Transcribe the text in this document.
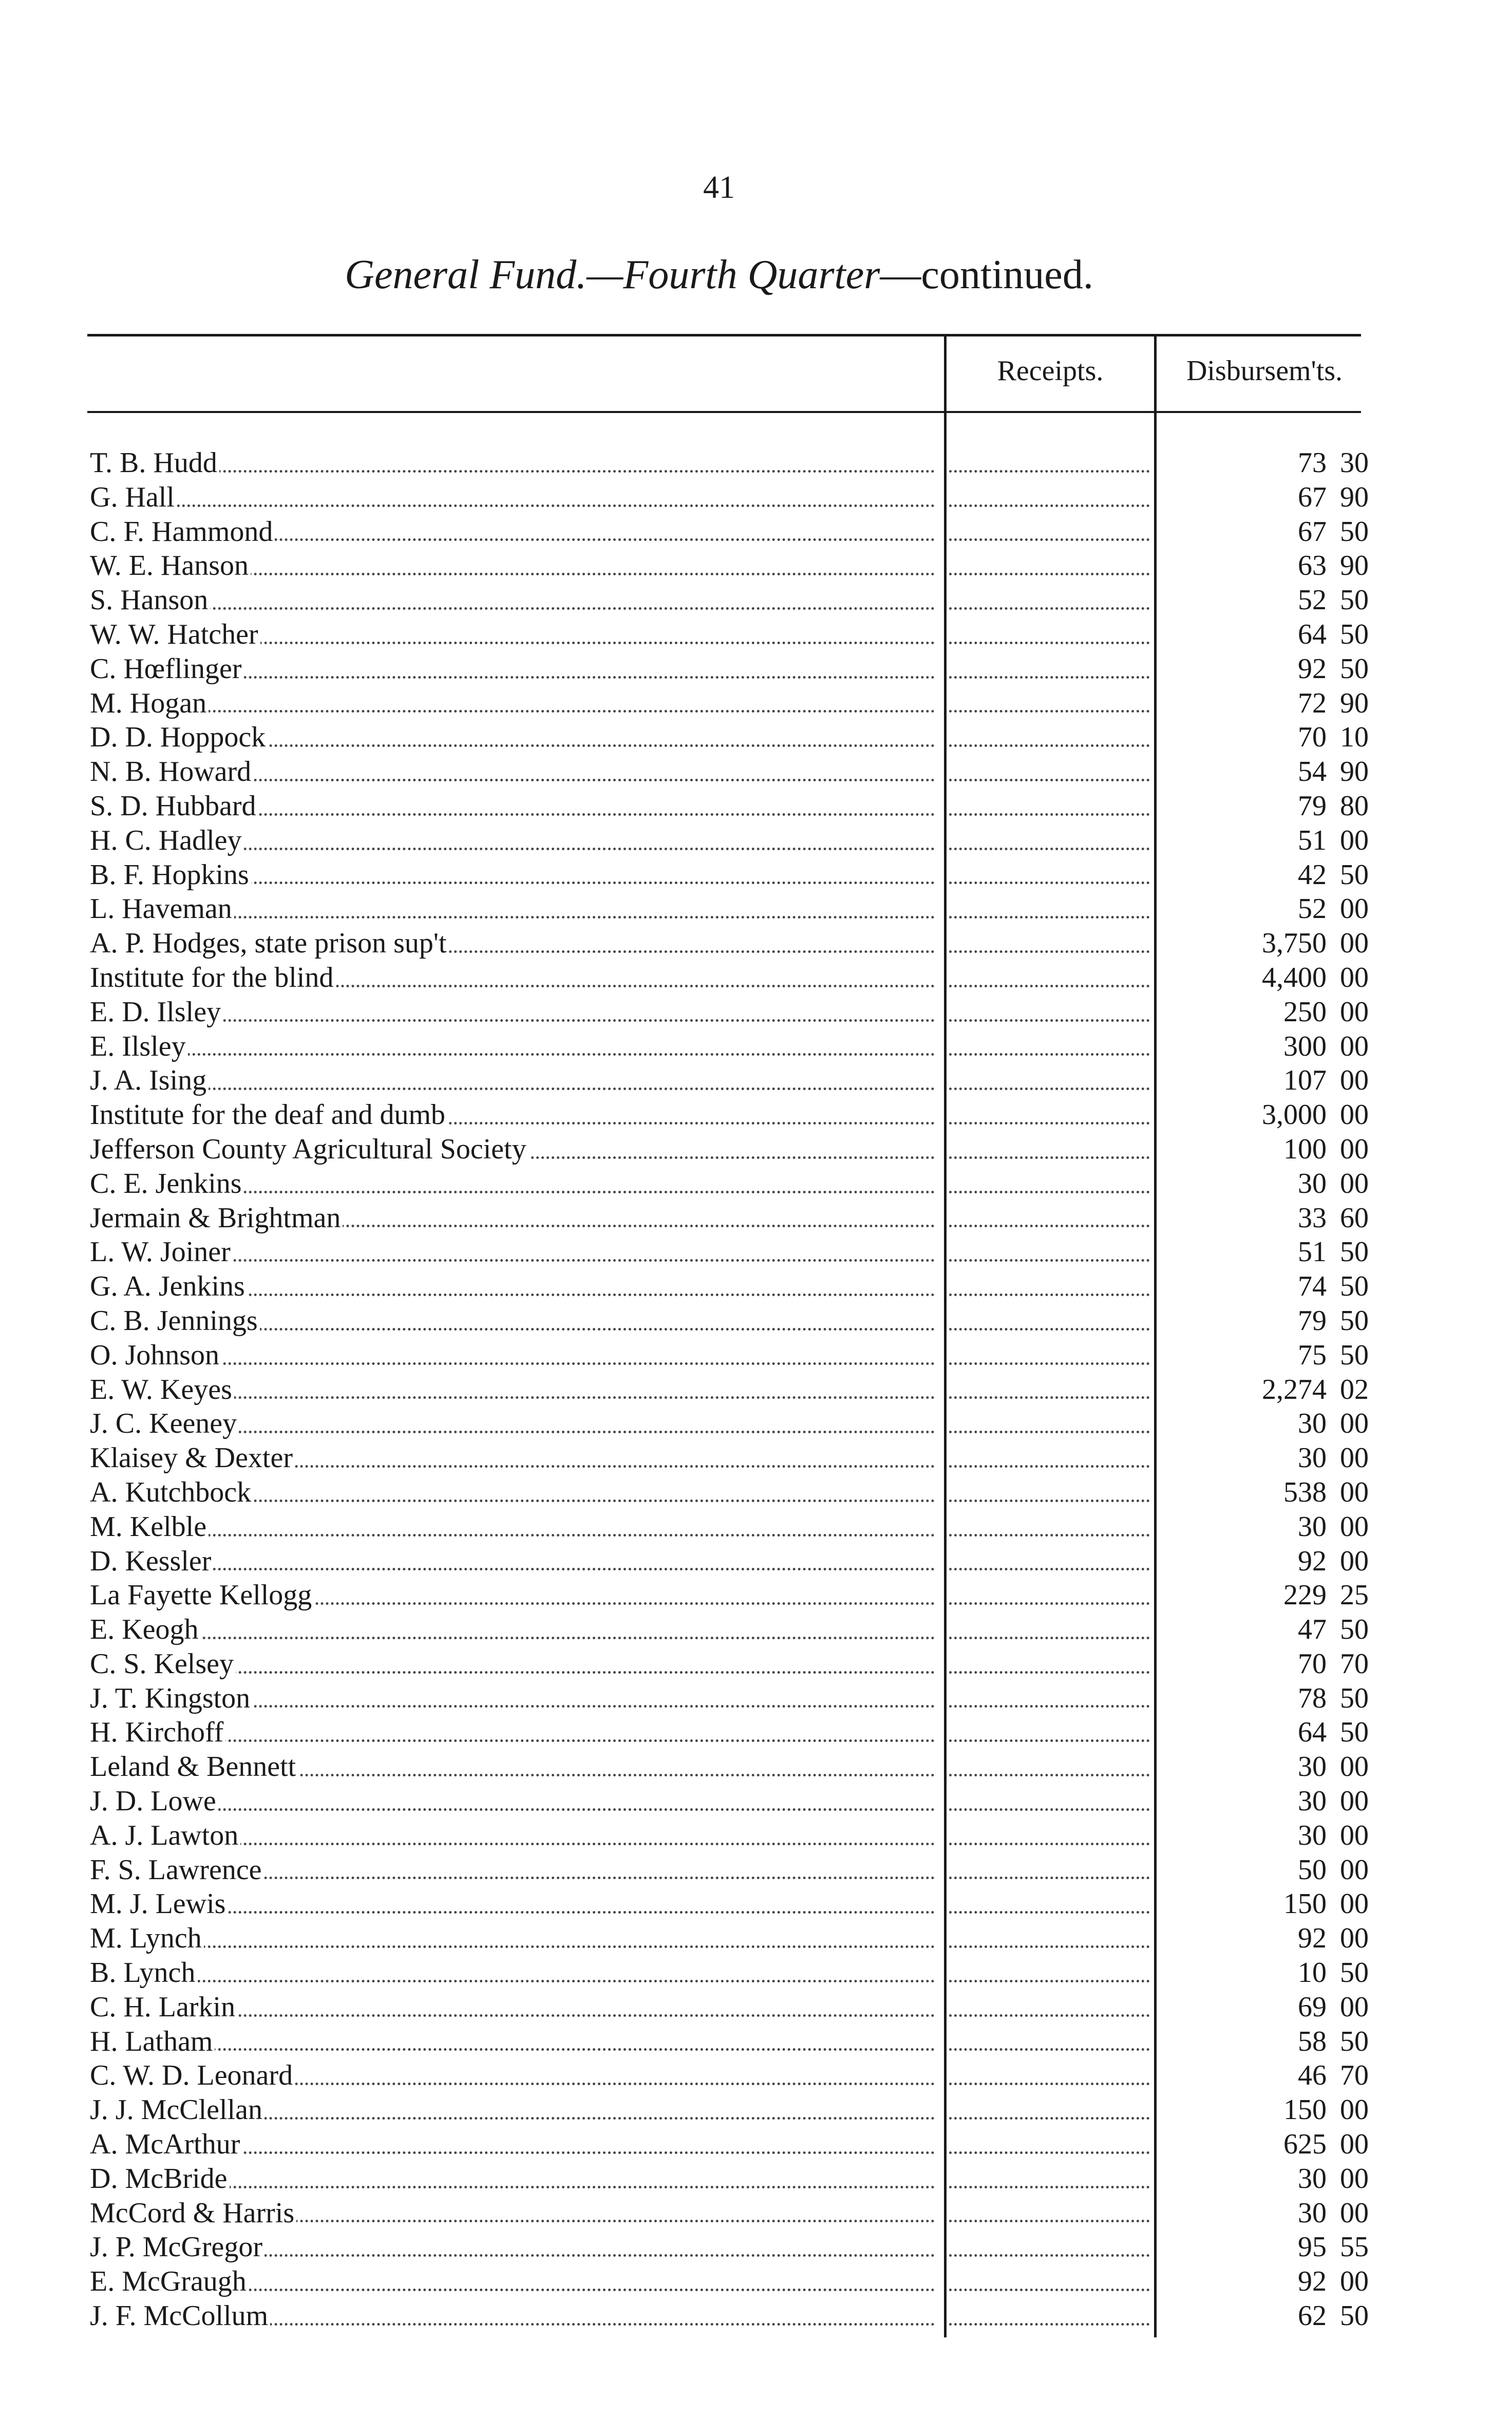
41
General Fund.—Fourth Quarter—continued.
Receipts.	Disbursem'ts.
T. B. Hudd	73 30
G. Hall	67 90
C. F. Hammond	67 50
W. E. Hanson	63 90
S. Hanson	52 50
W. W. Hatcher	64 50
C. Hœflinger	92 50
M. Hogan	72 90
D. D. Hoppock	70 10
N. B. Howard	54 90
S. D. Hubbard	79 80
H. C. Hadley	51 00
B. F. Hopkins	42 50
L. Haveman	52 00
A. P. Hodges, state prison sup't	3,750 00
Institute for the blind	4,400 00
E. D. Ilsley	250 00
E. Ilsley	300 00
J. A. Ising	107 00
Institute for the deaf and dumb	3,000 00
Jefferson County Agricultural Society	100 00
C. E. Jenkins	30 00
Jermain & Brightman	33 60
L. W. Joiner	51 50
G. A. Jenkins	74 50
C. B. Jennings	79 50
O. Johnson	75 50
E. W. Keyes	2,274 02
J. C. Keeney	30 00
Klaisey & Dexter	30 00
A. Kutchbock	538 00
M. Kelble	30 00
D. Kessler	92 00
La Fayette Kellogg	229 25
E. Keogh	47 50
C. S. Kelsey	70 70
J. T. Kingston	78 50
H. Kirchoff	64 50
Leland & Bennett	30 00
J. D. Lowe	30 00
A. J. Lawton	30 00
F. S. Lawrence	50 00
M. J. Lewis	150 00
M. Lynch	92 00
B. Lynch	10 50
C. H. Larkin	69 00
H. Latham	58 50
C. W. D. Leonard	46 70
J. J. McClellan	150 00
A. McArthur	625 00
D. McBride	30 00
McCord & Harris	30 00
J. P. McGregor	95 55
E. McGraugh	92 00
J. F. McCollum	62 50
